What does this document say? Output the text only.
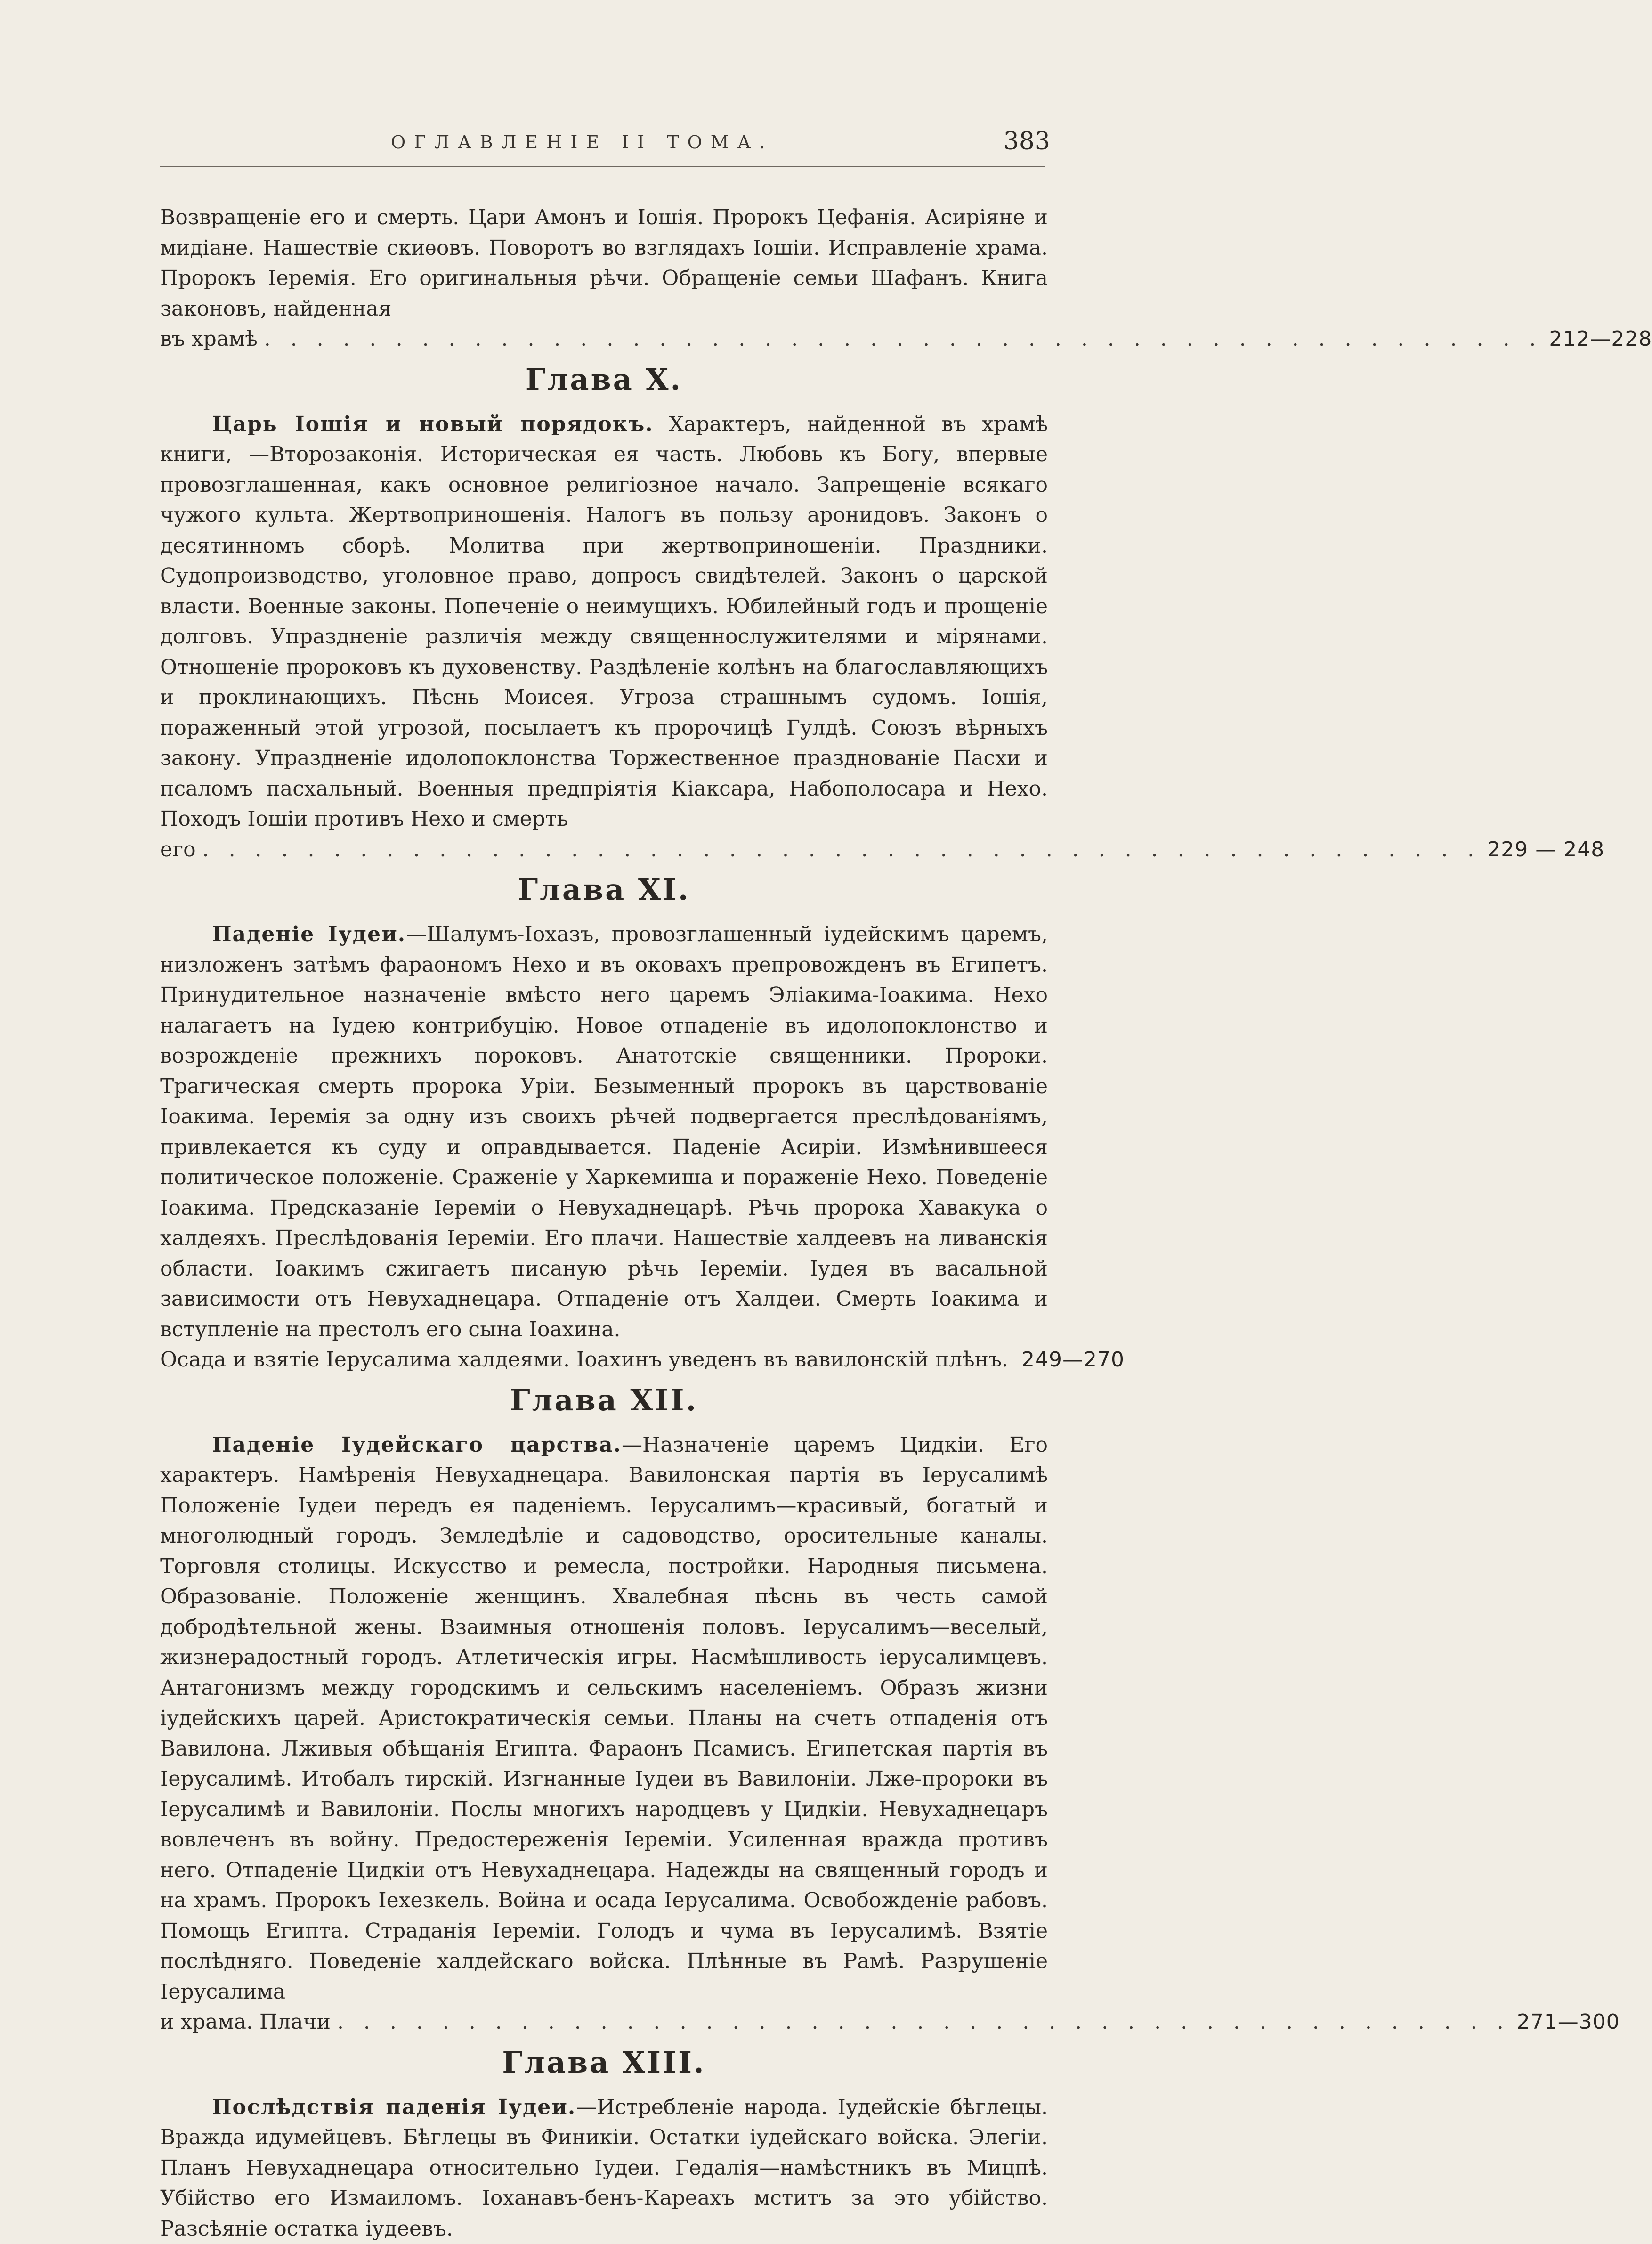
ОГЛАВЛЕНІЕ II ТОМА.	383

Возвращеніе его и смерть. Цари Амонъ и Іошія. Пророкъ Цефанія. Асиріяне и мидіане. Нашествіе скиѳовъ. Поворотъ во взглядахъ Іошіи. Исправленіе храма. Пророкъ Іеремія. Его оригинальныя рѣчи. Обращеніе семьи Шафанъ. Книга законовъ, найденная

въ храмѣ . . . . . . . . . . . . . . . . . . . . . . . . . . . . . . . . . . . . . . . . . . . . . . . . . 212—228
Глава X.

Царь Іошія и новый порядокъ. Характеръ, найденной въ храмѣ книги, —Второзаконія. Историческая ея часть. Любовь къ Богу, впервые провозглашенная, какъ основное религіозное начало. Запрещеніе всякаго чужого культа. Жертвоприношенія. Налогъ въ пользу аронидовъ. Законъ о десятинномъ сборѣ. Молитва при жертвоприношеніи. Праздники. Судопроизводство, уголовное право, допросъ свидѣтелей. Законъ о царской власти. Военные законы. Попеченіе о неимущихъ. Юбилейный годъ и прощеніе долговъ. Упраздненіе различія между священнослужителями и мірянами. Отношеніе пророковъ къ духовенству. Раздѣленіе колѣнъ на благославляющихъ и проклинающихъ. Пѣснь Моисея. Угроза страшнымъ судомъ. Іошія, пораженный этой угрозой, посылаетъ къ пророчицѣ Гулдѣ. Союзъ вѣрныхъ закону. Упраздненіе идолопоклонства Торжественное празднованіе Пасхи и псаломъ пасхальный. Военныя предпріятія Кіаксара, Набополосара и Нехо. Походъ Іошіи противъ Нехо и смерть

его . . . . . . . . . . . . . . . . . . . . . . . . . . . . . . . . . . . . . . . . . . . . . . . . . 229 — 248
Глава XI.

Паденіе Іудеи.—Шалумъ-Іохазъ, провозглашенный іудейскимъ царемъ, низложенъ затѣмъ фараономъ Нехо и въ оковахъ препровожденъ въ Египетъ. Принудительное назначеніе вмѣсто него царемъ Эліакима-Іоакима. Нехо налагаетъ на Іудею контрибуцію. Новое отпаденіе въ идолопоклонство и возрожденіе прежнихъ пороковъ. Анатотскіе священники. Пророки. Трагическая смерть пророка Уріи. Безыменный пророкъ въ царствованіе Іоакима. Іеремія за одну изъ своихъ рѣчей подвергается преслѣдованіямъ, привлекается къ суду и оправдывается. Паденіе Асиріи. Измѣнившееся политическое положеніе. Сраженіе у Харкемиша и пораженіе Нехо. Поведеніе Іоакима. Предсказаніе Іереміи о Невухаднецарѣ. Рѣчь пророка Хавакука о халдеяхъ. Преслѣдованія Іереміи. Его плачи. Нашествіе халдеевъ на ливанскія области. Іоакимъ сжигаетъ писаную рѣчь Іереміи. Іудея въ васальной зависимости отъ Невухаднецара. Отпаденіе отъ Халдеи. Смерть Іоакима и вступленіе на престолъ его сына Іоахина.

Осада и взятіе Іерусалима халдеями. Іоахинъ уведенъ въ вавилонскій плѣнъ. 249—270
Глава XII.

Паденіе Іудейскаго царства.—Назначеніе царемъ Цидкіи. Его характеръ. Намѣренія Невухаднецара. Вавилонская партія въ Іерусалимѣ Положеніе Іудеи передъ ея паденіемъ. Іерусалимъ—красивый, богатый и многолюдный городъ. Земледѣліе и садоводство, оросительные каналы. Торговля столицы. Искусство и ремесла, постройки. Народныя письмена. Образованіе. Положеніе женщинъ. Хвалебная пѣснь въ честь самой добродѣтельной жены. Взаимныя отношенія половъ. Іерусалимъ—веселый, жизнерадостный городъ. Атлетическія игры. Насмѣшливость іерусалимцевъ. Антагонизмъ между городскимъ и сельскимъ населеніемъ. Образъ жизни іудейскихъ царей. Аристократическія семьи. Планы на счетъ отпаденія отъ Вавилона. Лживыя обѣщанія Египта. Фараонъ Псамисъ. Египетская партія въ Іерусалимѣ. Итобалъ тирскій. Изгнанные Іудеи въ Вавилоніи. Лже-пророки въ Іерусалимѣ и Вавилоніи. Послы многихъ народцевъ у Цидкіи. Невухаднецаръ вовлеченъ въ войну. Предостереженія Іереміи. Усиленная вражда противъ него. Отпаденіе Цидкіи отъ Невухаднецара. Надежды на священный городъ и на храмъ. Пророкъ Іехезкель. Война и осада Іерусалима. Освобожденіе рабовъ. Помощь Египта. Страданія Іереміи. Голодъ и чума въ Іерусалимѣ. Взятіе послѣдняго. Поведеніе халдейскаго войска. Плѣнные въ Рамѣ. Разрушеніе Іерусалима

и храма. Плачи . . . . . . . . . . . . . . . . . . . . . . . . . . . . . . . . . . . . . . . . . . . . . 271—300
Глава XIII.

Послѣдствія паденія Іудеи.—Истребленіе народа. Іудейскіе бѣглецы. Вражда идумейцевъ. Бѣглецы въ Финикіи. Остатки іудейскаго войска. Элегіи. Планъ Невухаднецара относительно Іудеи. Гедалія—намѣстникъ въ Мицпѣ. Убійство его Измаиломъ. Іоханавъ-бенъ-Кареахъ мститъ за это убійство. Разсѣяніе остатка іудеевъ.
